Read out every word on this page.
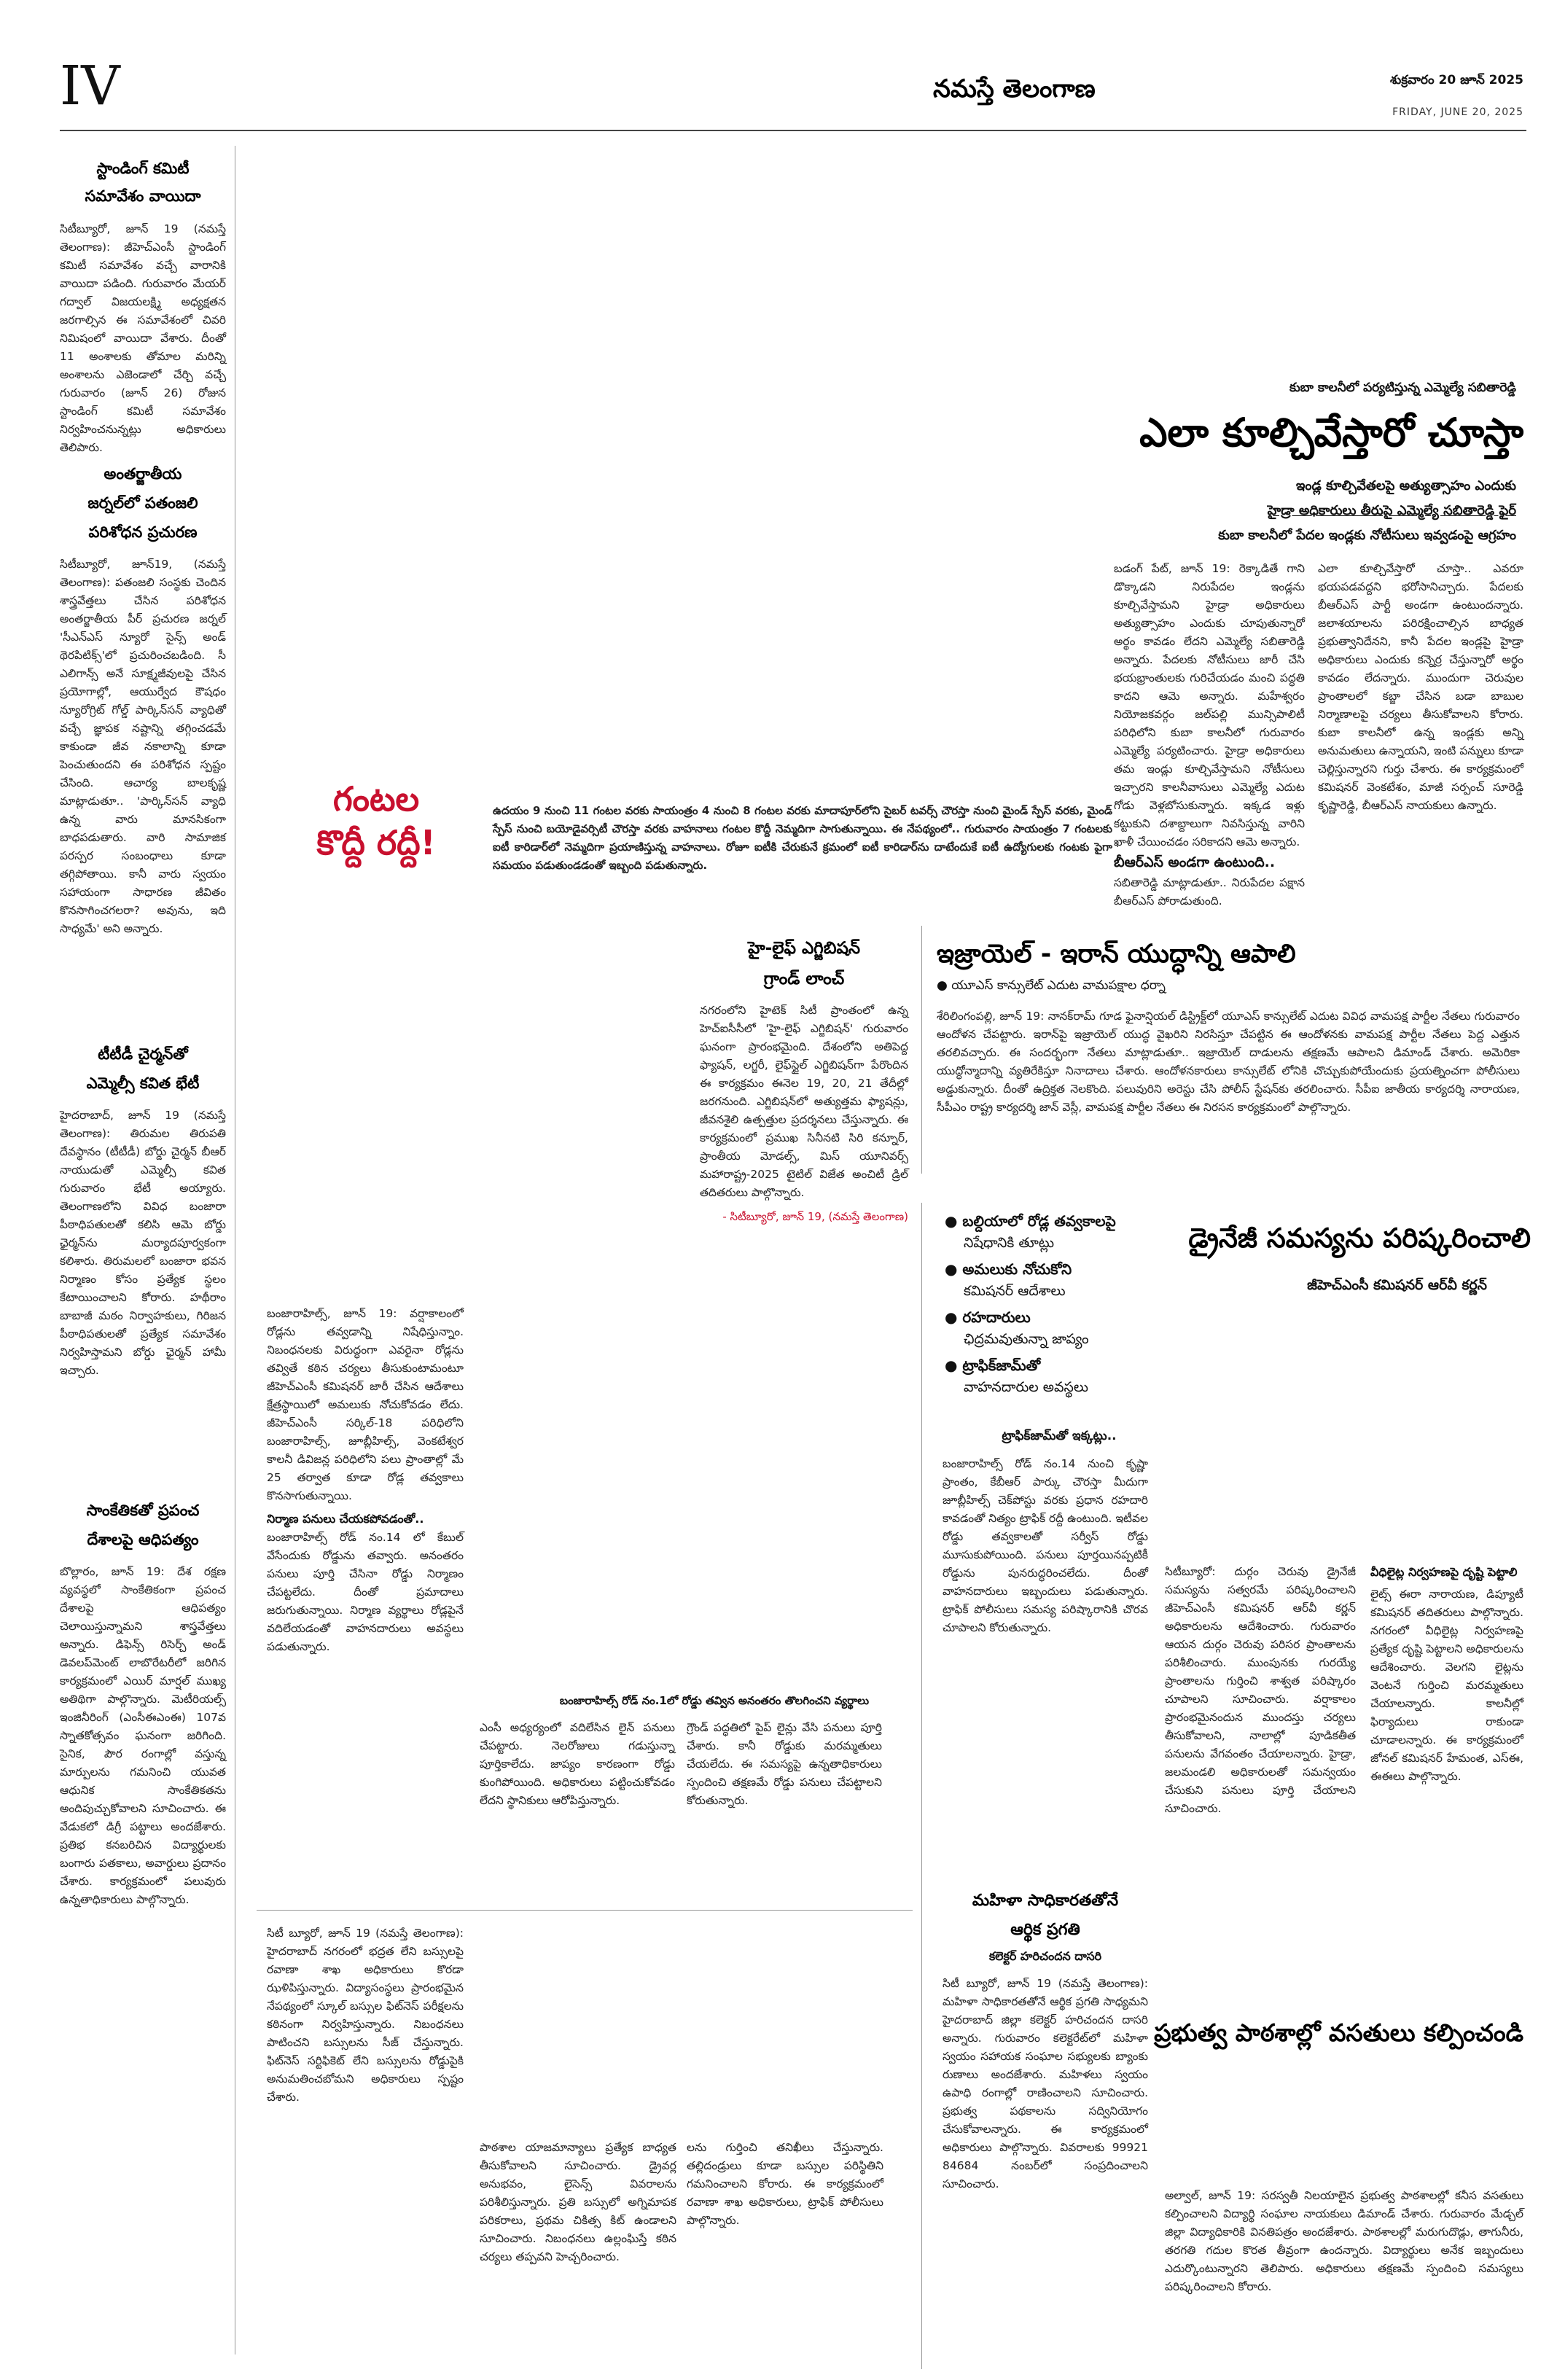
IV	నమస్తే తెలంగాణ	శుక్రవారం 20 జూన్ 2025
FRIDAY, JUNE 20, 2025
స్టాండింగ్ కమిటీ
సమావేశం వాయిదా
సిటీబ్యూరో, జూన్ 19 (నమస్తే తెలంగాణ): జీహెచ్ఎంసీ స్టాండింగ్ కమిటీ సమావేశం వచ్చే వారానికి వాయిదా పడింది. గురువారం మేయర్ గద్వాల్ విజయలక్ష్మి అధ్యక్షతన జరగాల్సిన ఈ సమావేశంలో చివరి నిమిషంలో వాయిదా వేశారు. దీంతో 11 అంశాలకు తోమాల మరిన్ని అంశాలను ఎజెండాలో చేర్చి వచ్చే గురువారం (జూన్ 26) రోజున స్టాండింగ్ కమిటీ సమావేశం నిర్వహించనున్నట్లు అధికారులు తెలిపారు.
అంతర్జాతీయ
జర్నల్‌లో పతంజలి
పరిశోధన ప్రచురణ
సిటీబ్యూరో, జూన్19, (నమస్తే తెలంగాణ): పతంజలి సంస్థకు చెందిన శాస్త్రవేత్తలు చేసిన పరిశోధన అంతర్జాతీయ పీర్ ప్రచురణ జర్నల్ 'సీఎన్ఎస్ న్యూరో సైన్స్ అండ్ థెరపిటిక్స్'లో ప్రచురించబడింది. సీ ఎలిగాన్స్ అనే సూక్ష్మజీవులపై చేసిన ప్రయోగాల్లో, ఆయుర్వేద కౌషధం న్యూరోగ్రిట్ గోల్డ్ పార్కిన్‌సన్ వ్యాధితో వచ్చే జ్ఞాపక నష్టాన్ని తగ్గించడమే కాకుండా జీవ నకాలాన్ని కూడా పెంచుతుందని ఈ పరిశోధన స్పష్టం చేసింది. ఆచార్య బాలకృష్ణ మాట్లాడుతూ.. 'పార్కిన్‌సన్ వ్యాధి ఉన్న వారు మానసికంగా బాధపడుతారు. వారి సామాజిక పరస్పర సంబంధాలు కూడా తగ్గిపోతాయి. కానీ వారు స్వయం సహాయంగా సాధారణ జీవితం కొనసాగించగలరా? అవును, ఇది సాధ్యమే' అని అన్నారు.
టీటీడీ చైర్మన్‌తో
ఎమ్మెల్సీ కవిత భేటీ
హైదరాబాద్, జూన్ 19 (నమస్తే తెలంగాణ): తిరుమల తిరుపతి దేవస్థానం (టీటీడీ) బోర్డు చైర్మన్ బీఆర్ నాయుడుతో ఎమ్మెల్సీ కవిత గురువారం భేటీ అయ్యారు. తెలంగాణలోని వివిధ బంజారా పీఠాధిపతులతో కలిసి ఆమె బోర్డు ఛైర్మన్‌ను మర్యాదపూర్వకంగా కలిశారు. తిరుమలలో బంజారా భవన నిర్మాణం కోసం ప్రత్యేక స్థలం కేటాయించాలని కోరారు. హథీరాం బాబాజీ మఠం నిర్వాహకులు, గిరిజన పీఠాధిపతులతో ప్రత్యేక సమావేశం నిర్వహిస్తామని బోర్డు ఛైర్మన్ హామీ ఇచ్చారు.
సాంకేతికతో ప్రపంచ
దేశాలపై ఆధిపత్యం
బొల్లారం, జూన్ 19: దేశ రక్షణ వ్యవస్థలో సాంకేతికంగా ప్రపంచ దేశాలపై ఆధిపత్యం చెలాయిస్తున్నామని శాస్త్రవేత్తలు అన్నారు. డిఫెన్స్ రిసెర్చ్ అండ్ డెవలప్‌మెంట్ లాబొరేటరీలో జరిగిన కార్యక్రమంలో ఎయిర్ మార్షల్ ముఖ్య అతిథిగా పాల్గొన్నారు. మెటీరియల్స్ ఇంజినీరింగ్ (ఎంసీఈఎంఈ) 107వ స్నాతకోత్సవం ఘనంగా జరిగింది. సైనిక, పౌర రంగాల్లో వస్తున్న మార్పులను గమనించి యువత ఆధునిక సాంకేతికతను అందిపుచ్చుకోవాలని సూచించారు. ఈ వేడుకలో డిగ్రీ పట్టాలు అందజేశారు. ప్రతిభ కనబరిచిన విద్యార్థులకు బంగారు పతకాలు, అవార్డులు ప్రదానం చేశారు. కార్యక్రమంలో పలువురు ఉన్నతాధికారులు పాల్గొన్నారు.
కుబా కాలనీలో పర్యటిస్తున్న ఎమ్మెల్యే సబితారెడ్డి
ఎలా కూల్చివేస్తారో చూస్తా
ఇండ్ల కూల్చివేతలపై అత్యుత్సాహం ఎందుకు
హైడ్రా అధికారులు తీరుపై ఎమ్మెల్యే సబితారెడ్డి ఫైర్
కుబా కాలనీలో పేదల ఇండ్లకు నోటీసులు ఇవ్వడంపై ఆగ్రహం
బడంగ్ పేట్, జూన్ 19: రెక్కాడితే గాని డొక్కాడని నిరుపేదల ఇండ్లను కూల్చివేస్తామని హైడ్రా అధికారులు అత్యుత్సాహం ఎందుకు చూపుతున్నారో అర్థం కావడం లేదని ఎమ్మెల్యే సబితారెడ్డి అన్నారు. పేదలకు నోటీసులు జారీ చేసి భయభ్రాంతులకు గురిచేయడం మంచి పద్ధతి కాదని ఆమె అన్నారు. మహేశ్వరం నియోజకవర్గం జల్‌పల్లి మున్సిపాలిటీ పరిధిలోని కుబా కాలనీలో గురువారం ఎమ్మెల్యే పర్యటించారు. హైడ్రా అధికారులు తమ ఇండ్లు కూల్చివేస్తామని నోటీసులు ఇచ్చారని కాలనీవాసులు ఎమ్మెల్యే ఎదుట గోడు వెళ్లబోసుకున్నారు. ఇక్కడ ఇళ్లు కట్టుకుని దశాబ్దాలుగా నివసిస్తున్న వారిని ఖాళీ చేయించడం సరికాదని ఆమె అన్నారు.
బీఆర్ఎస్ అండగా ఉంటుంది..
సబితారెడ్డి మాట్లాడుతూ.. నిరుపేదల పక్షాన బీఆర్ఎస్ పోరాడుతుంది.
ఎలా కూల్చివేస్తారో చూస్తా.. ఎవరూ భయపడవద్దని భరోసానిచ్చారు. పేదలకు బీఆర్ఎస్ పార్టీ అండగా ఉంటుందన్నారు. జలాశయాలను పరిరక్షించాల్సిన బాధ్యత ప్రభుత్వానిదేనని, కానీ పేదల ఇండ్లపై హైడ్రా అధికారులు ఎందుకు కన్నెర్ర చేస్తున్నారో అర్థం కావడం లేదన్నారు. ముందుగా చెరువుల ప్రాంతాలలో కబ్జా చేసిన బడా బాబుల నిర్మాణాలపై చర్యలు తీసుకోవాలని కోరారు. కుబా కాలనీలో ఉన్న ఇండ్లకు అన్ని అనుమతులు ఉన్నాయని, ఇంటి పన్నులు కూడా చెల్లిస్తున్నారని గుర్తు చేశారు. ఈ కార్యక్రమంలో కమిషనర్ వెంకటేశం, మాజీ సర్పంచ్ సూరెడ్డి కృష్ణారెడ్డి, బీఆర్ఎస్ నాయకులు ఉన్నారు.
గంటల
కొద్దీ రద్దీ!
ఉదయం 9 నుంచి 11 గంటల వరకు సాయంత్రం 4 నుంచి 8 గంటల వరకు మాదాపూర్‌లోని సైబర్ టవర్స్ చౌరస్తా నుంచి మైండ్ స్పేస్ వరకు, మైండ్ స్పేస్ నుంచి బయోడైవర్సిటీ చౌరస్తా వరకు వాహనాలు గంటల కొద్దీ నెమ్మదిగా సాగుతున్నాయి. ఈ నేపథ్యంలో.. గురువారం సాయంత్రం 7 గంటలకు ఐటీ కారిడార్‌లో నెమ్మదిగా ప్రయాణిస్తున్న వాహనాలు. రోజూ ఐటీకి చేరుకునే క్రమంలో ఐటీ కారిడార్‌ను దాటేందుకే ఐటీ ఉద్యోగులకు గంటకు పైగా సమయం పడుతుండడంతో ఇబ్బంది పడుతున్నారు.
హై-లైఫ్ ఎగ్జిబిషన్
గ్రాండ్ లాంచ్
నగరంలోని హైటెక్ సిటీ ప్రాంతంలో ఉన్న హెచ్ఐసీసీలో 'హై-లైఫ్ ఎగ్జిబిషన్' గురువారం ఘనంగా ప్రారంభమైంది. దేశంలోని అతిపెద్ద ఫ్యాషన్, లగ్జరీ, లైఫ్‌స్టైల్ ఎగ్జిబిషన్‌గా పేరొందిన ఈ కార్యక్రమం ఈనెల 19, 20, 21 తేదీల్లో జరగనుంది. ఎగ్జిబిషన్‌లో అత్యుత్తమ ఫ్యాషన్లు, జీవనశైలి ఉత్పత్తుల ప్రదర్శనలు చేస్తున్నారు. ఈ కార్యక్రమంలో ప్రముఖ సినీనటి సిరి కన్నూర్, ప్రాంతీయ మోడల్స్, మిస్ యూనివర్స్ మహారాష్ట్ర-2025 టైటిల్ విజేత అంచిటీ డ్రిల్ తదితరులు పాల్గొన్నారు.
- సిటీబ్యూరో, జూన్ 19, (నమస్తే తెలంగాణ)
ఇజ్రాయెల్ - ఇరాన్ యుద్ధాన్ని ఆపాలి
● యూఎస్ కాన్సులేట్ ఎదుట వామపక్షాల ధర్నా
శేరిలింగంపల్లి, జూన్ 19: నానక్‌రామ్ గూడ ఫైనాన్షియల్ డిస్ట్రిక్ట్‌లో యూఎస్ కాన్సులేట్ ఎదుట వివిధ వామపక్ష పార్టీల నేతలు గురువారం ఆందోళన చేపట్టారు. ఇరాన్‌పై ఇజ్రాయెల్ యుద్ధ వైఖరిని నిరసిస్తూ చేపట్టిన ఈ ఆందోళనకు వామపక్ష పార్టీల నేతలు పెద్ద ఎత్తున తరలివచ్చారు. ఈ సందర్భంగా నేతలు మాట్లాడుతూ.. ఇజ్రాయెల్ దాడులను తక్షణమే ఆపాలని డిమాండ్ చేశారు. అమెరికా యుద్ధోన్మాదాన్ని వ్యతిరేకిస్తూ నినాదాలు చేశారు. ఆందోళనకారులు కాన్సులేట్ లోనికి చొచ్చుకుపోయేందుకు ప్రయత్నించగా పోలీసులు అడ్డుకున్నారు. దీంతో ఉద్రిక్తత నెలకొంది. పలువురిని అరెస్టు చేసి పోలీస్ స్టేషన్‌కు తరలించారు. సీపీఐ జాతీయ కార్యదర్శి నారాయణ, సీపీఎం రాష్ట్ర కార్యదర్శి జాన్ వెస్లీ, వామపక్ష పార్టీల నేతలు ఈ నిరసన కార్యక్రమంలో పాల్గొన్నారు.
● బల్దియాలో రోడ్ల తవ్వకాలపై
నిషేధానికి తూట్లు
● అమలుకు నోచుకోని
కమిషనర్ ఆదేశాలు
● రహదారులు
ఛిద్రమవుతున్నా జాప్యం
● ట్రాఫిక్‌జామ్‌తో
వాహనదారుల అవస్థలు
ట్రాఫిక్‌జామ్‌తో ఇక్కట్లు..
బంజారాహిల్స్ రోడ్ నం.14 నుంచి కృష్ణా ప్రాంతం, కేబీఆర్ పార్కు చౌరస్తా మీదుగా జూబ్లీహిల్స్ చెక్‌పోస్టు వరకు ప్రధాన రహదారి కావడంతో నిత్యం ట్రాఫిక్ రద్దీ ఉంటుంది. ఇటీవల రోడ్డు తవ్వకాలతో సర్వీస్ రోడ్డు మూసుకుపోయింది. పనులు పూర్తయినప్పటికీ రోడ్డును పునరుద్ధరించలేదు. దీంతో వాహనదారులు ఇబ్బందులు పడుతున్నారు. ట్రాఫిక్ పోలీసులు సమస్య పరిష్కారానికి చొరవ చూపాలని కోరుతున్నారు.
డ్రైనేజీ సమస్యను పరిష్కరించాలి
జీహెచ్ఎంసీ కమిషనర్ ఆర్‌వీ కర్ణన్
సిటీబ్యూరో: దుర్గం చెరువు డ్రైనేజీ సమస్యను సత్వరమే పరిష్కరించాలని జీహెచ్ఎంసీ కమిషనర్ ఆర్‌వీ కర్ణన్ అధికారులను ఆదేశించారు. గురువారం ఆయన దుర్గం చెరువు పరిసర ప్రాంతాలను పరిశీలించారు. ముంపునకు గురయ్యే ప్రాంతాలను గుర్తించి శాశ్వత పరిష్కారం చూపాలని సూచించారు. వర్షాకాలం ప్రారంభమైనందున ముందస్తు చర్యలు తీసుకోవాలని, నాలాల్లో పూడికతీత పనులను వేగవంతం చేయాలన్నారు. హైడ్రా, జలమండలి అధికారులతో సమన్వయం చేసుకుని పనులు పూర్తి చేయాలని సూచించారు.
వీధిలైట్ల నిర్వహణపై దృష్టి పెట్టాలి
లైట్స్ ఈరా నారాయణ, డిప్యూటీ కమిషనర్ తదితరులు పాల్గొన్నారు. నగరంలో వీధిలైట్ల నిర్వహణపై ప్రత్యేక దృష్టి పెట్టాలని అధికారులను ఆదేశించారు. వెలగని లైట్లను వెంటనే గుర్తించి మరమ్మతులు చేయాలన్నారు. కాలనీల్లో ఫిర్యాదులు రాకుండా చూడాలన్నారు. ఈ కార్యక్రమంలో జోనల్ కమిషనర్ హేమంత, ఎస్ఈ, ఈఈలు పాల్గొన్నారు.
బంజారాహిల్స్, జూన్ 19: వర్షాకాలంలో రోడ్లను తవ్వడాన్ని నిషేధిస్తున్నాం. నిబంధనలకు విరుద్ధంగా ఎవరైనా రోడ్లను తవ్వితే కఠిన చర్యలు తీసుకుంటామంటూ జీహెచ్ఎంసీ కమిషనర్ జారీ చేసిన ఆదేశాలు క్షేత్రస్థాయిలో అమలుకు నోచుకోవడం లేదు. జీహెచ్ఎంసీ సర్కిల్-18 పరిధిలోని బంజారాహిల్స్, జూబ్లీహిల్స్, వెంకటేశ్వర కాలనీ డివిజన్ల పరిధిలోని పలు ప్రాంతాల్లో మే 25 తర్వాత కూడా రోడ్ల తవ్వకాలు కొనసాగుతున్నాయి.
నిర్మాణ పనులు చేయకపోవడంతో..
బంజారాహిల్స్ రోడ్ నం.14 లో కేబుల్ వేసేందుకు రోడ్డును తవ్వారు. అనంతరం పనులు పూర్తి చేసినా రోడ్డు నిర్మాణం చేపట్టలేదు. దీంతో ప్రమాదాలు జరుగుతున్నాయి. నిర్మాణ వ్యర్థాలు రోడ్లపైనే వదిలేయడంతో వాహనదారులు అవస్థలు పడుతున్నారు.
బంజారాహిల్స్ రోడ్ నం.1లో రోడ్డు తవ్విన అనంతరం తొలగించని వ్యర్థాలు
ఎంసీ అధ్యర్యంలో వదిలేసిన లైన్ పనులు చేపట్టారు. నెలరోజులు గడుస్తున్నా పూర్తికాలేదు. జాప్యం కారణంగా రోడ్డు కుంగిపోయింది. అధికారులు పట్టించుకోవడం లేదని స్థానికులు ఆరోపిస్తున్నారు.
గ్రౌండ్ పద్ధతిలో పైప్ లైన్లు వేసి పనులు పూర్తి చేశారు. కానీ రోడ్డుకు మరమ్మతులు చేయలేదు. ఈ సమస్యపై ఉన్నతాధికారులు స్పందించి తక్షణమే రోడ్డు పనులు చేపట్టాలని కోరుతున్నారు.
సిటీ బ్యూరో, జూన్ 19 (నమస్తే తెలంగాణ): హైదరాబాద్ నగరంలో భద్రత లేని బస్సులపై రవాణా శాఖ అధికారులు కొరడా ఝళిపిస్తున్నారు. విద్యాసంస్థలు ప్రారంభమైన నేపథ్యంలో స్కూల్ బస్సుల ఫిట్‌నెస్ పరీక్షలను కఠినంగా నిర్వహిస్తున్నారు. నిబంధనలు పాటించని బస్సులను సీజ్ చేస్తున్నారు. ఫిట్‌నెస్ సర్టిఫికెట్ లేని బస్సులను రోడ్డుపైకి అనుమతించబోమని అధికారులు స్పష్టం చేశారు.
పాఠశాల యాజమాన్యాలు ప్రత్యేక బాధ్యత తీసుకోవాలని సూచించారు. డ్రైవర్ల అనుభవం, లైసెన్స్ వివరాలను పరిశీలిస్తున్నారు. ప్రతి బస్సులో అగ్నిమాపక పరికరాలు, ప్రథమ చికిత్స కిట్ ఉండాలని సూచించారు. నిబంధనలు ఉల్లంఘిస్తే కఠిన చర్యలు తప్పవని హెచ్చరించారు.
లను గుర్తించి తనిఖీలు చేస్తున్నారు. తల్లిదండ్రులు కూడా బస్సుల పరిస్థితిని గమనించాలని కోరారు. ఈ కార్యక్రమంలో రవాణా శాఖ అధికారులు, ట్రాఫిక్ పోలీసులు పాల్గొన్నారు.
మహిళా సాధికారతతోనే
ఆర్థిక ప్రగతి
కలెక్టర్ హరిచందన దాసరి
సిటీ బ్యూరో, జూన్ 19 (నమస్తే తెలంగాణ): మహిళా సాధికారతతోనే ఆర్థిక ప్రగతి సాధ్యమని హైదరాబాద్ జిల్లా కలెక్టర్ హరిచందన దాసరి అన్నారు. గురువారం కలెక్టరేట్‌లో మహిళా స్వయం సహాయక సంఘాల సభ్యులకు బ్యాంకు రుణాలు అందజేశారు. మహిళలు స్వయం ఉపాధి రంగాల్లో రాణించాలని సూచించారు. ప్రభుత్వ పథకాలను సద్వినియోగం చేసుకోవాలన్నారు. ఈ కార్యక్రమంలో అధికారులు పాల్గొన్నారు. వివరాలకు 99921 84684 నంబర్‌లో సంప్రదించాలని సూచించారు.
ప్రభుత్వ పాఠశాల్లో వసతులు కల్పించండి
అల్వాల్, జూన్ 19: సరస్వతీ నిలయాలైన ప్రభుత్వ పాఠశాలల్లో కనీస వసతులు కల్పించాలని విద్యార్థి సంఘాల నాయకులు డిమాండ్ చేశారు. గురువారం మేడ్చల్ జిల్లా విద్యాధికారికి వినతిపత్రం అందజేశారు. పాఠశాలల్లో మరుగుదొడ్లు, తాగునీరు, తరగతి గదుల కొరత తీవ్రంగా ఉందన్నారు. విద్యార్థులు అనేక ఇబ్బందులు ఎదుర్కొంటున్నారని తెలిపారు. అధికారులు తక్షణమే స్పందించి సమస్యలు పరిష్కరించాలని కోరారు.
